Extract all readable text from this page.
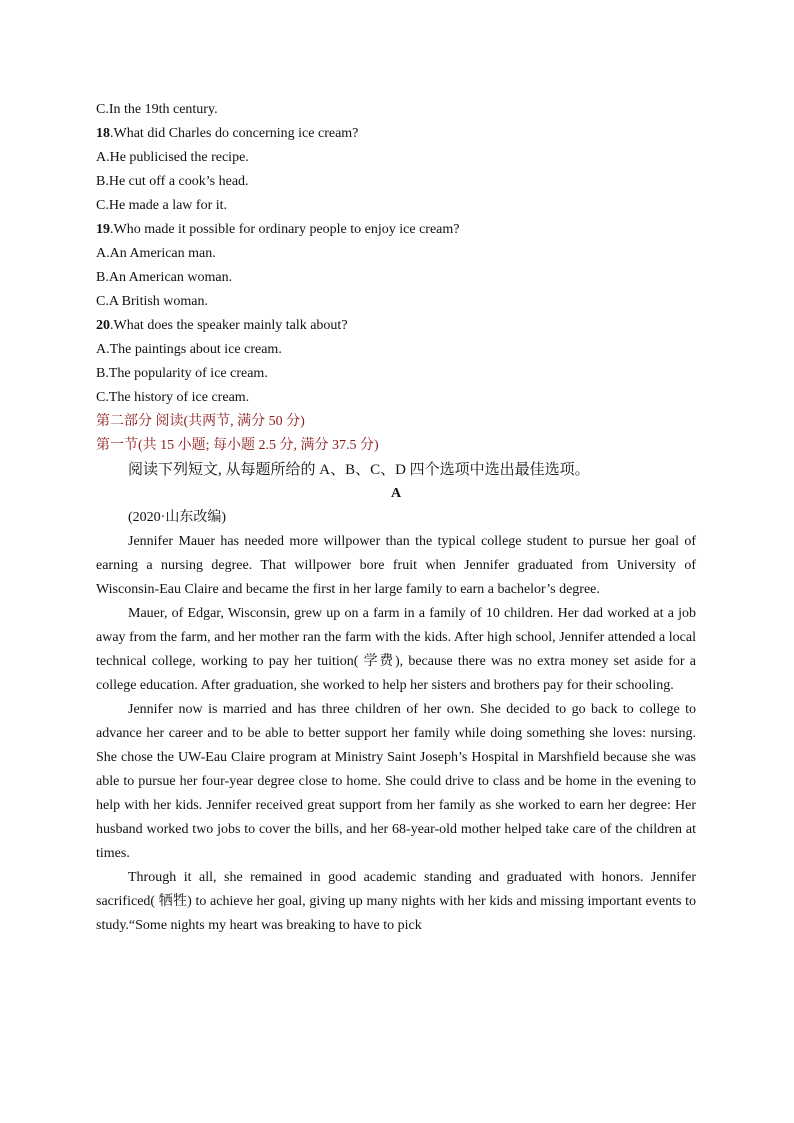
C.In the 19th century.
18.What did Charles do concerning ice cream?
A.He publicised the recipe.
B.He cut off a cook’s head.
C.He made a law for it.
19.Who made it possible for ordinary people to enjoy ice cream?
A.An American man.
B.An American woman.
C.A British woman.
20.What does the speaker mainly talk about?
A.The paintings about ice cream.
B.The popularity of ice cream.
C.The history of ice cream.
第二部分 阅读(共两节, 满分 50 分)
第一节(共 15 小题; 每小题 2.5 分, 满分 37.5 分)
阅读下列短文, 从每题所给的 A、B、C、D 四个选项中选出最佳选项。
A
(2020·山东改编)

Jennifer Mauer has needed more willpower than the typical college student to pursue her goal of earning a nursing degree. That willpower bore fruit when Jennifer graduated from University of Wisconsin-Eau Claire and became the first in her large family to earn a bachelor’s degree.

Mauer, of Edgar, Wisconsin, grew up on a farm in a family of 10 children. Her dad worked at a job away from the farm, and her mother ran the farm with the kids. After high school, Jennifer attended a local technical college, working to pay her tuition( 学费), because there was no extra money set aside for a college education. After graduation, she worked to help her sisters and brothers pay for their schooling.

Jennifer now is married and has three children of her own. She decided to go back to college to advance her career and to be able to better support her family while doing something she loves: nursing. She chose the UW-Eau Claire program at Ministry Saint Joseph’s Hospital in Marshfield because she was able to pursue her four-year degree close to home. She could drive to class and be home in the evening to help with her kids. Jennifer received great support from her family as she worked to earn her degree: Her husband worked two jobs to cover the bills, and her 68-year-old mother helped take care of the children at times.

Through it all, she remained in good academic standing and graduated with honors. Jennifer sacrificed( 牺牲) to achieve her goal, giving up many nights with her kids and missing important events to study.“Some nights my heart was breaking to have to pick
